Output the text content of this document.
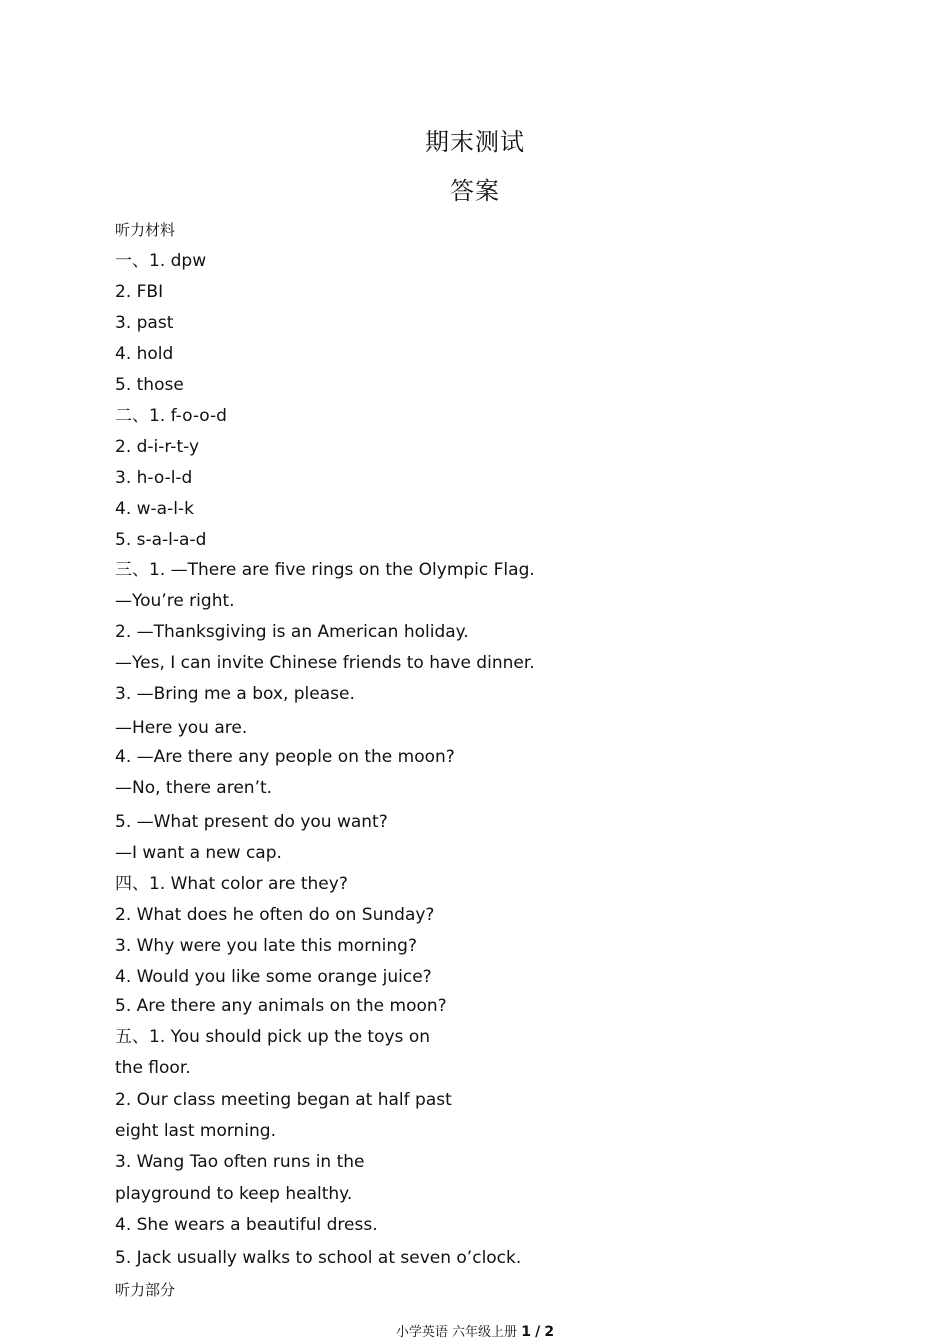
期末测试
答案
听力材料
一、1. dpw
2. FBI
3. past
4. hold
5. those
二、1. f-o-o-d
2. d-i-r-t-y
3. h-o-l-d
4. w-a-l-k
5. s-a-l-a-d
三、1. —There are five rings on the Olympic Flag.
—You’re right.
2. —Thanksgiving is an American holiday.
—Yes, I can invite Chinese friends to have dinner.
3. —Bring me a box, please.
—Here you are.
4. —Are there any people on the moon?
—No, there aren’t.
5. —What present do you want?
—I want a new cap.
四、1. What color are they?
2. What does he often do on Sunday?
3. Why were you late this morning?
4. Would you like some orange juice?
5. Are there any animals on the moon?
五、1. You should pick up the toys on
the floor.
2. Our class meeting began at half past
eight last morning.
3. Wang Tao often runs in the
playground to keep healthy.
4. She wears a beautiful dress.
5. Jack usually walks to school at seven o’clock.
听力部分
小学英语 六年级上册 1 / 2
